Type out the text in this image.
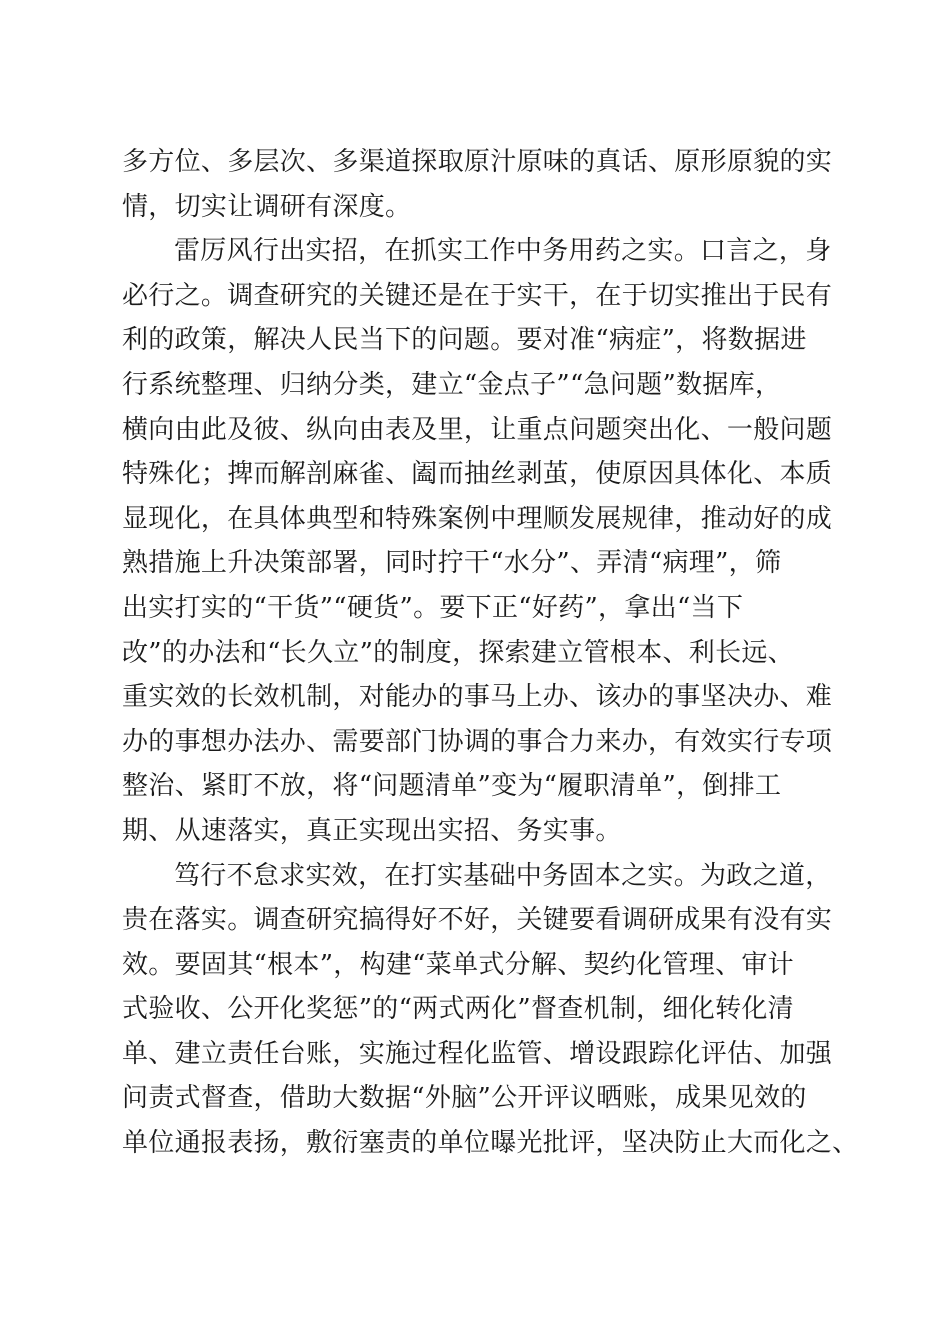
多方位、多层次、多渠道探取原汁原味的真话、原形原貌的实
情，切实让调研有深度。
雷厉风行出实招，在抓实工作中务用药之实。口言之，身
必行之。调查研究的关键还是在于实干，在于切实推出于民有
利的政策，解决人民当下的问题。要对准“病症”，将数据进
行系统整理、归纳分类，建立“金点子”“急问题”数据库，
横向由此及彼、纵向由表及里，让重点问题突出化、一般问题
特殊化；捭而解剖麻雀、阖而抽丝剥茧，使原因具体化、本质
显现化，在具体典型和特殊案例中理顺发展规律，推动好的成
熟措施上升决策部署，同时拧干“水分”、弄清“病理”，筛
出实打实的“干货”“硬货”。要下正“好药”，拿出“当下
改”的办法和“长久立”的制度，探索建立管根本、利长远、
重实效的长效机制，对能办的事马上办、该办的事坚决办、难
办的事想办法办、需要部门协调的事合力来办，有效实行专项
整治、紧盯不放，将“问题清单”变为“履职清单”，倒排工
期、从速落实，真正实现出实招、务实事。
笃行不怠求实效，在打实基础中务固本之实。为政之道，
贵在落实。调查研究搞得好不好，关键要看调研成果有没有实
效。要固其“根本”，构建“菜单式分解、契约化管理、审计
式验收、公开化奖惩”的“两式两化”督查机制，细化转化清
单、建立责任台账，实施过程化监管、增设跟踪化评估、加强
问责式督查，借助大数据“外脑”公开评议晒账，成果见效的
单位通报表扬，敷衍塞责的单位曝光批评，坚决防止大而化之、
